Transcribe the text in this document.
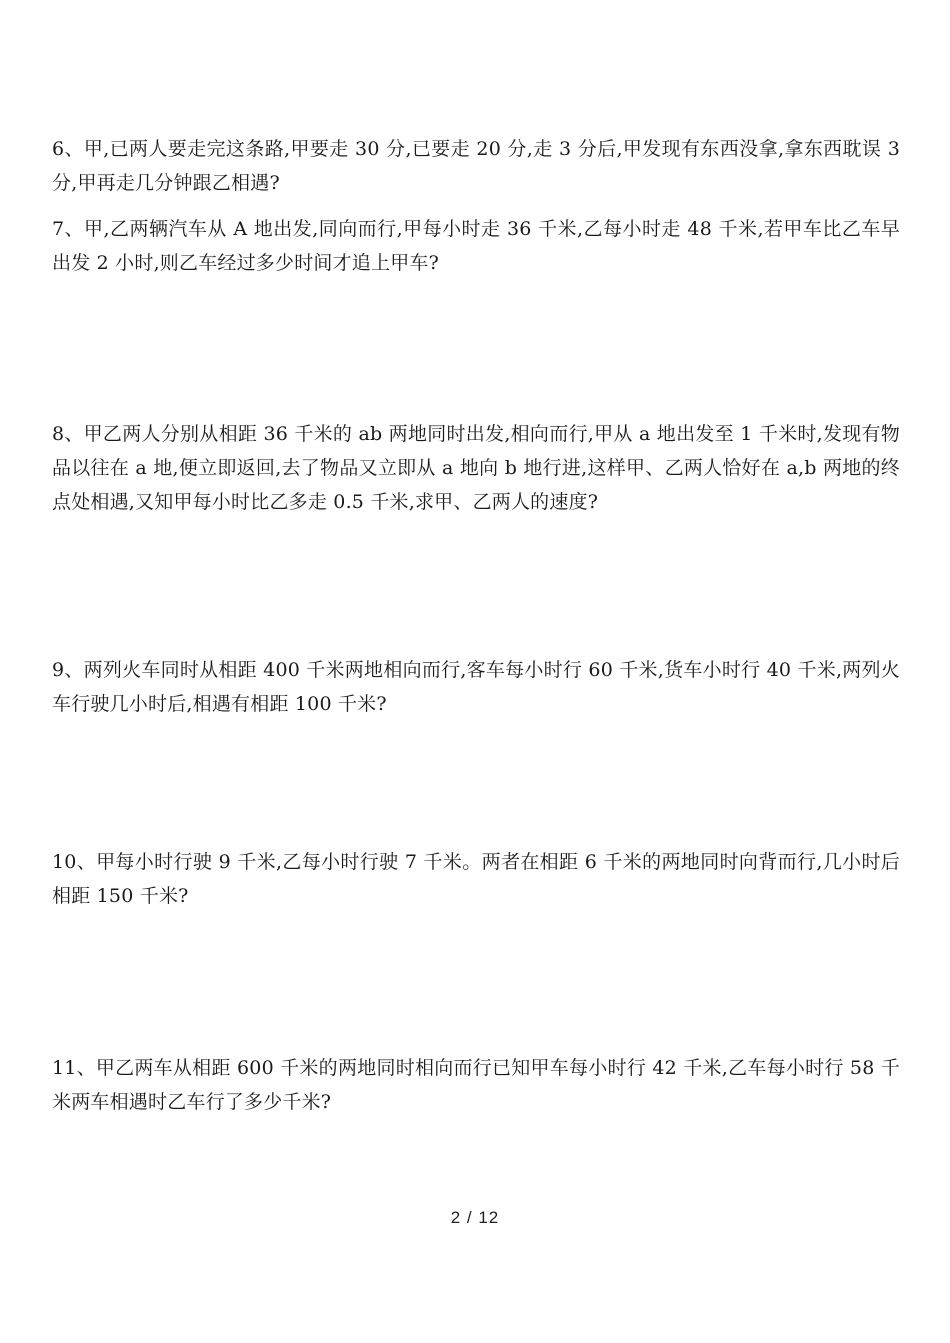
6、甲,已两人要走完这条路,甲要走 30 分,已要走 20 分,走 3 分后,甲发现有东西没拿,拿东西耽误 3 分,甲再走几分钟跟乙相遇?

7、甲,乙两辆汽车从 A 地出发,同向而行,甲每小时走 36 千米,乙每小时走 48 千米,若甲车比乙车早出发 2 小时,则乙车经过多少时间才追上甲车?

8、甲乙两人分别从相距 36 千米的 ab 两地同时出发,相向而行,甲从 a 地出发至 1 千米时,发现有物品以往在 a 地,便立即返回,去了物品又立即从 a 地向 b 地行进,这样甲、乙两人恰好在 a,b 两地的终点处相遇,又知甲每小时比乙多走 0.5 千米,求甲、乙两人的速度?

9、两列火车同时从相距 400 千米两地相向而行,客车每小时行 60 千米,货车小时行 40 千米,两列火车行驶几小时后,相遇有相距 100 千米?

10、甲每小时行驶 9 千米,乙每小时行驶 7 千米。两者在相距 6 千米的两地同时向背而行,几小时后相距 150 千米?

11、甲乙两车从相距 600 千米的两地同时相向而行已知甲车每小时行 42 千米,乙车每小时行 58 千米两车相遇时乙车行了多少千米?

2 / 12
